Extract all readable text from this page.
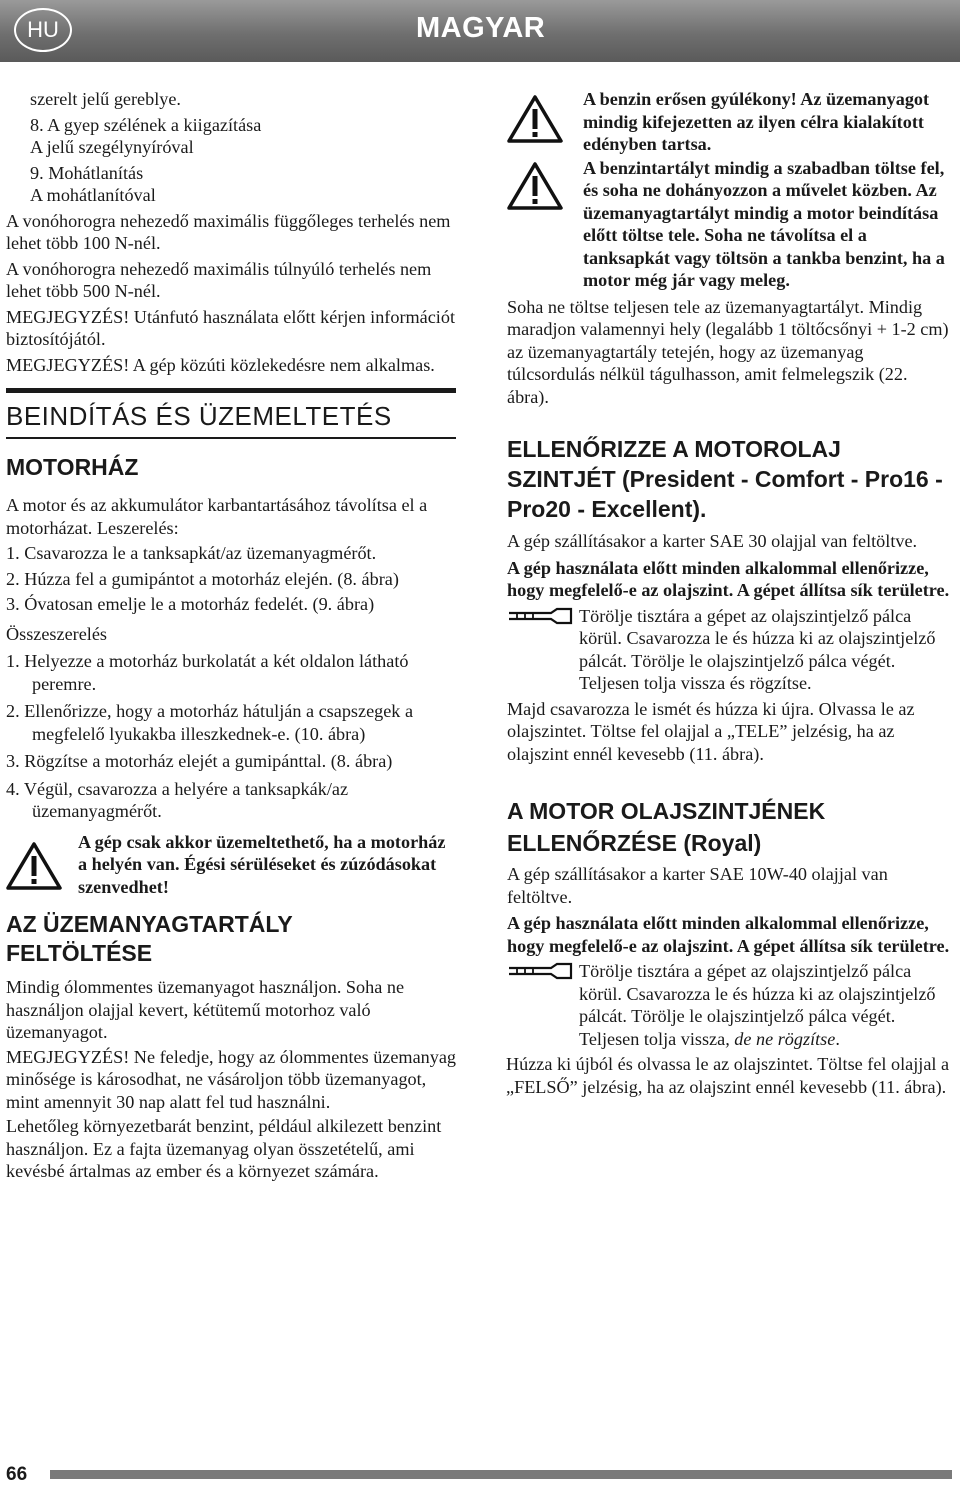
HU	MAGYAR

szerelt jelű gereblye.

8. A gyep szélének a kiigazítása

A jelű szegélynyíróval

9. Mohátlanítás

A mohátlanítóval

A vonóhorogra nehezedő maximális függőleges terhelés nem lehet több 100 N-nél.

A vonóhorogra nehezedő maximális túlnyúló terhelés nem lehet több 500 N-nél.

MEGJEGYZÉS! Utánfutó használata előtt kérjen információt biztosítójától.

MEGJEGYZÉS! A gép közúti közlekedésre nem alkalmas.

BEINDÍTÁS ÉS ÜZEMELTETÉS
MOTORHÁZ

A motor és az akkumulátor karbantartásához távolítsa el a motorházat. Leszerelés:

1. Csavarozza le a tanksapkát/az üzemanyagmérőt.
2. Húzza fel a gumipántot a motorház elején. (8. ábra)
3. Óvatosan emelje le a motorház fedelét. (9. ábra)

Összeszerelés

1. Helyezze a motorház burkolatát a két oldalon látható peremre.
2. Ellenőrizze, hogy a motorház hátulján a csapszegek a megfelelő lyukakba illeszkednek-e. (10. ábra)
3. Rögzítse a motorház elejét a gumipánttal. (8. ábra)
4. Végül, csavarozza a helyére a tanksapkák/az üzemanyagmérőt.
A gép csak akkor üzemeltethető, ha a motorház a helyén van. Égési sérüléseket és zúzódásokat szenvedhet!
AZ ÜZEMANYAGTARTÁLY FELTÖLTÉSE

Mindig ólommentes üzemanyagot használjon. Soha ne használjon olajjal kevert, kétütemű motorhoz való üzemanyagot.

MEGJEGYZÉS! Ne feledje, hogy az ólommentes üzemanyag minősége is károsodhat, ne vásároljon több üzemanyagot, mint amennyit 30 nap alatt fel tud használni.

Lehetőleg környezetbarát benzint, például alkilezett benzint használjon. Ez a fajta üzemanyag olyan összetételű, ami kevésbé ártalmas az ember és a környezet számára.

A benzin erősen gyúlékony! Az üzemanyagot mindig kifejezetten az ilyen célra kialakított edényben tartsa.
A benzintartályt mindig a szabadban töltse fel, és soha ne dohányozzon a művelet közben. Az üzemanyagtartályt mindig a motor beindítása előtt töltse tele. Soha ne távolítsa el a tanksapkát vagy töltsön a tankba benzint, ha a motor még jár vagy meleg.

Soha ne töltse teljesen tele az üzemanyagtartályt. Mindig maradjon valamennyi hely (legalább 1 töltőcsőnyi + 1-2 cm) az üzemanyagtartály tetején, hogy az üzemanyag túlcsordulás nélkül tágulhasson, amit felmelegszik (22. ábra).

ELLENŐRIZZE A MOTOROLAJ SZINTJÉT (President - Comfort - Pro16 - Pro20 - Excellent).

A gép szállításakor a karter SAE 30 olajjal van feltöltve.

A gép használata előtt minden alkalommal ellenőrizze, hogy megfelelő-e az olajszint. A gépet állítsa sík területre.

Törölje tisztára a gépet az olajszintjelző pálca körül. Csavarozza le és húzza ki az olajszintjelző pálcát. Törölje le olajszintjelző pálca végét. Teljesen tolja vissza és rögzítse.

Majd csavarozza le ismét és húzza ki újra. Olvassa le az olajszintet. Töltse fel olajjal a „TELE” jelzésig, ha az olajszint ennél kevesebb (11. ábra).

A MOTOR OLAJSZINTJÉNEK ELLENŐRZÉSE (Royal)

A gép szállításakor a karter SAE 10W-40 olajjal van feltöltve.

A gép használata előtt minden alkalommal ellenőrizze, hogy megfelelő-e az olajszint. A gépet állítsa sík területre.

Törölje tisztára a gépet az olajszintjelző pálca körül. Csavarozza le és húzza ki az olajszintjelző pálcát. Törölje le olajszintjelző pálca végét. Teljesen tolja vissza, de ne rögzítse.

Húzza ki újból és olvassa le az olajszintet. Töltse fel olajjal a „FELSŐ” jelzésig, ha az olajszint ennél kevesebb (11. ábra).

66
